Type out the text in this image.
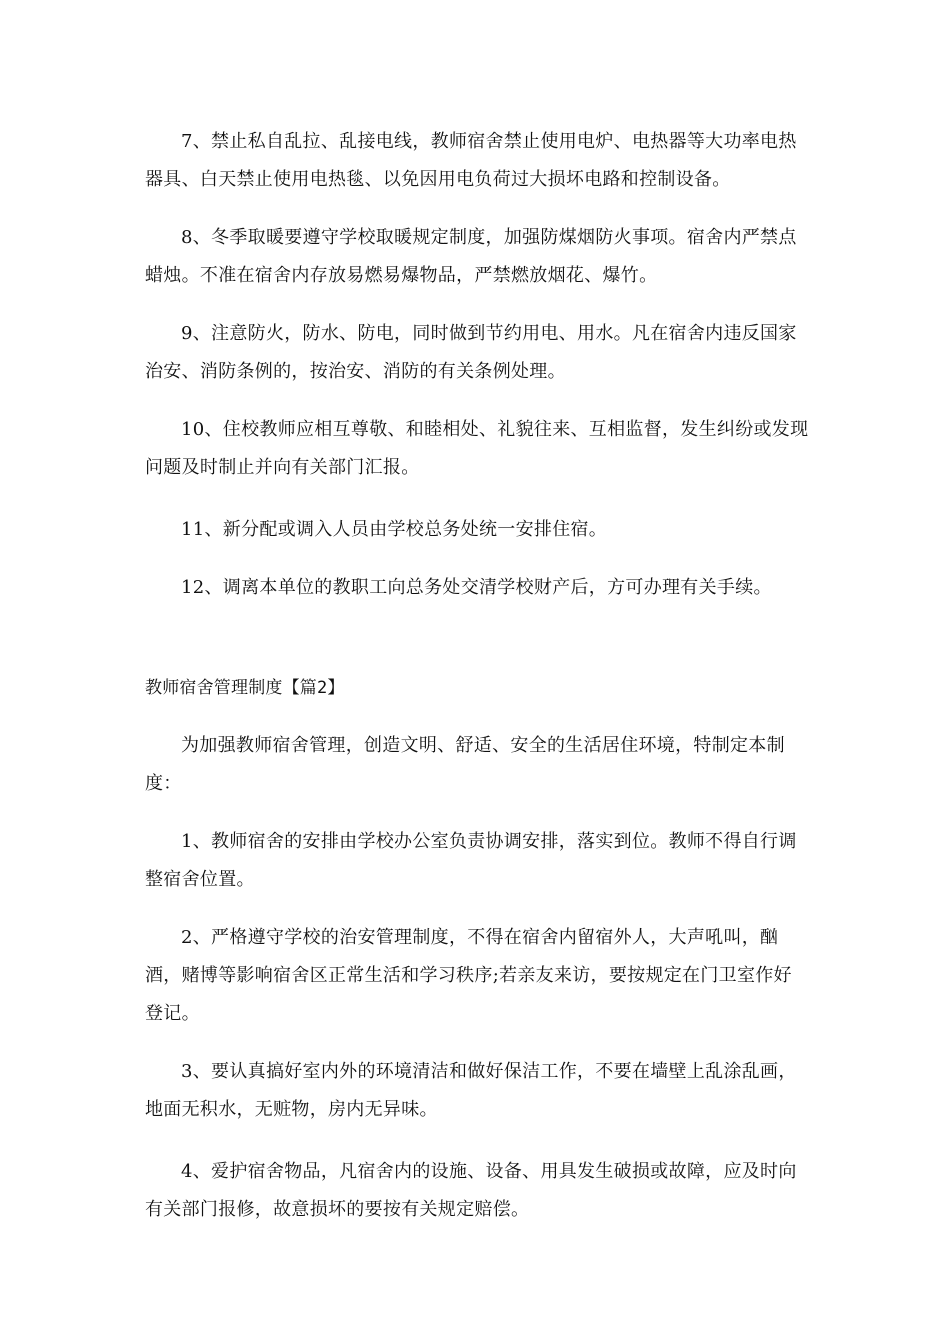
7、禁止私自乱拉、乱接电线，教师宿舍禁止使用电炉、电热器等大功率电热器具、白天禁止使用电热毯、以免因用电负荷过大损坏电路和控制设备。

8、冬季取暖要遵守学校取暖规定制度，加强防煤烟防火事项。宿舍内严禁点蜡烛。不准在宿舍内存放易燃易爆物品，严禁燃放烟花、爆竹。

9、注意防火，防水、防电，同时做到节约用电、用水。凡在宿舍内违反国家治安、消防条例的，按治安、消防的有关条例处理。

10、住校教师应相互尊敬、和睦相处、礼貌往来、互相监督，发生纠纷或发现问题及时制止并向有关部门汇报。

11、新分配或调入人员由学校总务处统一安排住宿。

12、调离本单位的教职工向总务处交清学校财产后，方可办理有关手续。

教师宿舍管理制度【篇2】

为加强教师宿舍管理，创造文明、舒适、安全的生活居住环境，特制定本制度：

1、教师宿舍的安排由学校办公室负责协调安排，落实到位。教师不得自行调整宿舍位置。

2、严格遵守学校的治安管理制度，不得在宿舍内留宿外人，大声吼叫，酗酒，赌博等影响宿舍区正常生活和学习秩序;若亲友来访，要按规定在门卫室作好登记。

3、要认真搞好室内外的环境清洁和做好保洁工作，不要在墙壁上乱涂乱画，地面无积水，无赃物，房内无异味。

4、爱护宿舍物品，凡宿舍内的设施、设备、用具发生破损或故障，应及时向有关部门报修，故意损坏的要按有关规定赔偿。
